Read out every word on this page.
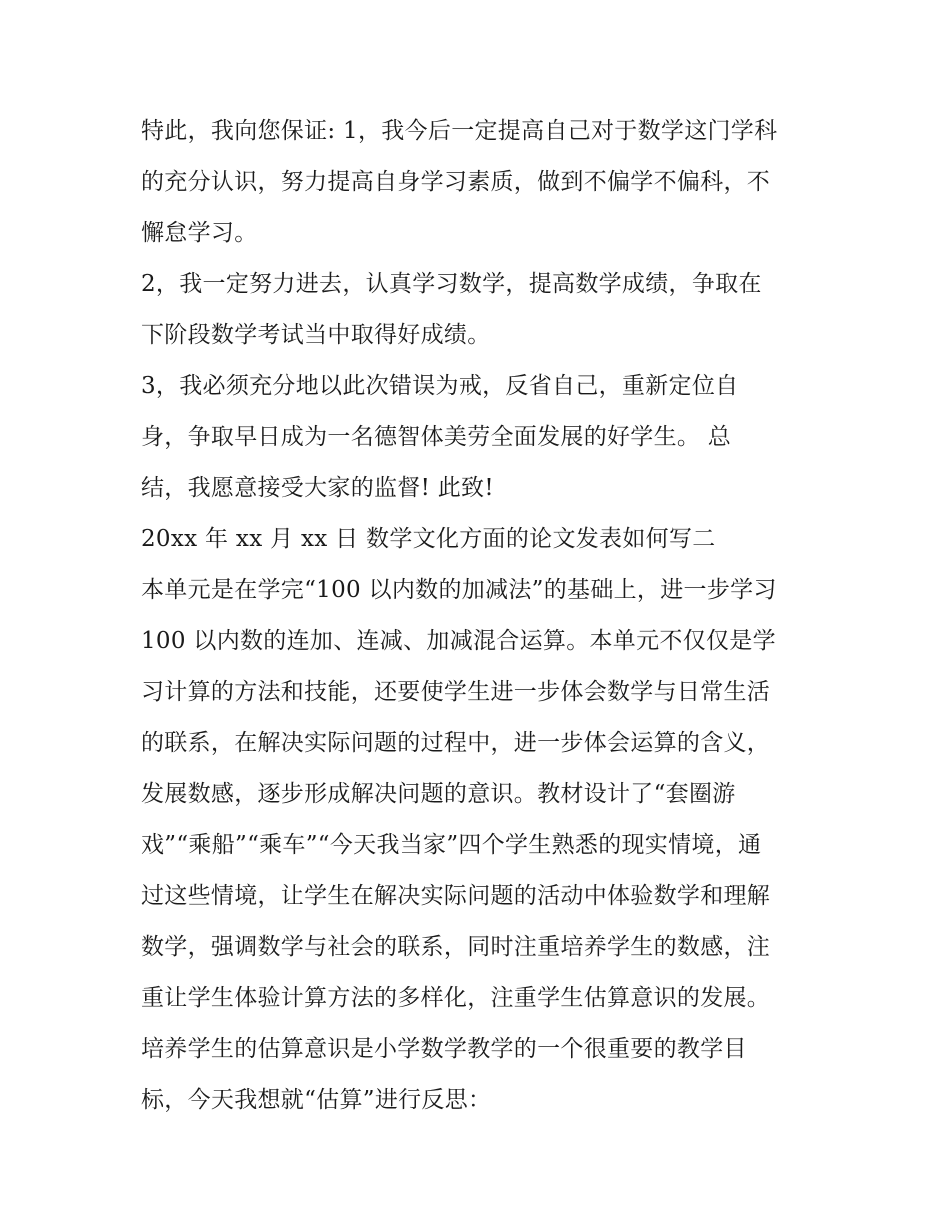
特此，我向您保证: 1，我今后一定提高自己对于数学这门学科
的充分认识，努力提高自身学习素质，做到不偏学不偏科，不
懈怠学习。
2，我一定努力进去，认真学习数学，提高数学成绩，争取在
下阶段数学考试当中取得好成绩。
3，我必须充分地以此次错误为戒，反省自己，重新定位自
身，争取早日成为一名德智体美劳全面发展的好学生。 总
结，我愿意接受大家的监督! 此致!
20xx 年 xx 月 xx 日 数学文化方面的论文发表如何写二
本单元是在学完“100 以内数的加减法”的基础上，进一步学习
100 以内数的连加、连减、加减混合运算。本单元不仅仅是学
习计算的方法和技能，还要使学生进一步体会数学与日常生活
的联系，在解决实际问题的过程中，进一步体会运算的含义，
发展数感，逐步形成解决问题的意识。教材设计了“套圈游
戏”“乘船”“乘车”“今天我当家”四个学生熟悉的现实情境，通
过这些情境，让学生在解决实际问题的活动中体验数学和理解
数学，强调数学与社会的联系，同时注重培养学生的数感，注
重让学生体验计算方法的多样化，注重学生估算意识的发展。
培养学生的估算意识是小学数学教学的一个很重要的教学目
标，今天我想就“估算”进行反思：
